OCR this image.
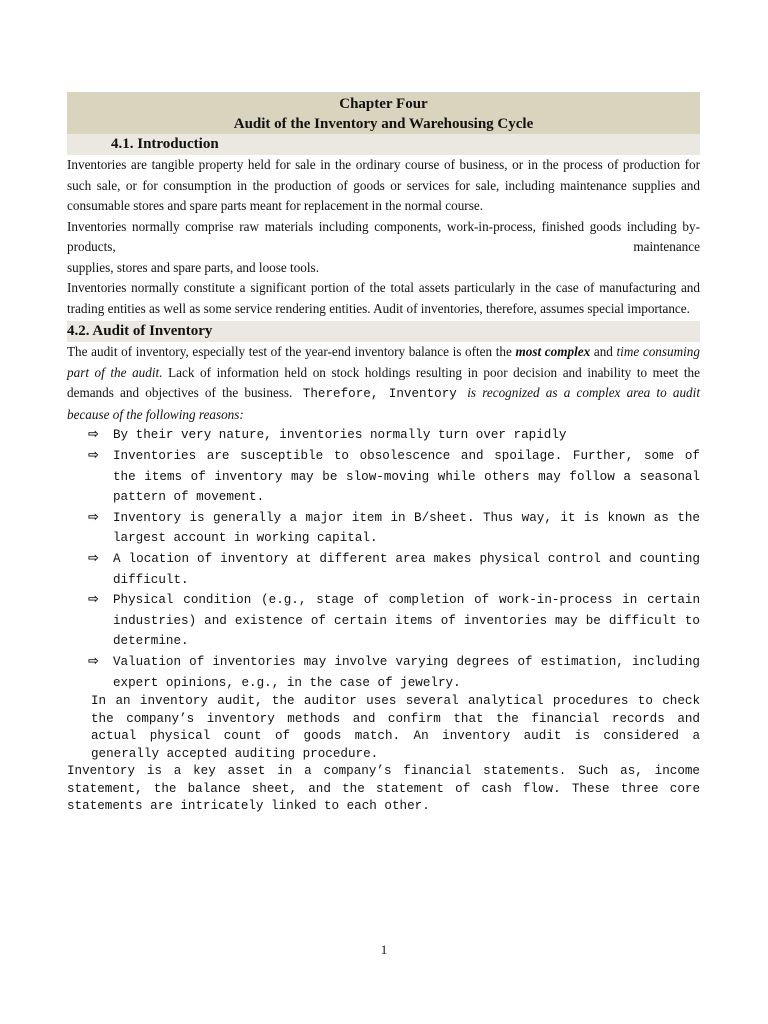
Chapter Four
Audit of the Inventory and Warehousing Cycle
4.1. Introduction
Inventories are tangible property held for sale in the ordinary course of business, or in the process of production for such sale, or for consumption in the production of goods or services for sale, including maintenance supplies and consumable stores and spare parts meant for replacement in the normal course.
Inventories normally comprise raw materials including components, work-in-process, finished goods including by-products, maintenance
supplies, stores and spare parts, and loose tools.
Inventories normally constitute a significant portion of the total assets particularly in the case of manufacturing and trading entities as well as some service rendering entities. Audit of inventories, therefore, assumes special importance.
4.2. Audit of Inventory
The audit of inventory, especially test of the year-end inventory balance is often the most complex and time consuming part of the audit. Lack of information held on stock holdings resulting in poor decision and inability to meet the demands and objectives of the business. Therefore, Inventory is recognized as a complex area to audit because of the following reasons:
⇨ By their very nature, inventories normally turn over rapidly
⇨ Inventories are susceptible to obsolescence and spoilage. Further, some of the items of inventory may be slow-moving while others may follow a seasonal pattern of movement.
⇨ Inventory is generally a major item in B/sheet. Thus way, it is known as the largest account in working capital.
⇨ A location of inventory at different area makes physical control and counting difficult.
⇨ Physical condition (e.g., stage of completion of work-in-process in certain industries) and existence of certain items of inventories may be difficult to determine.
⇨ Valuation of inventories may involve varying degrees of estimation, including expert opinions, e.g., in the case of jewelry.
In an inventory audit, the auditor uses several analytical procedures to check the company’s inventory methods and confirm that the financial records and actual physical count of goods match. An inventory audit is considered a generally accepted auditing procedure.
Inventory is a key asset in a company’s financial statements. Such as, income statement, the balance sheet, and the statement of cash flow. These three core statements are intricately linked to each other.
1
